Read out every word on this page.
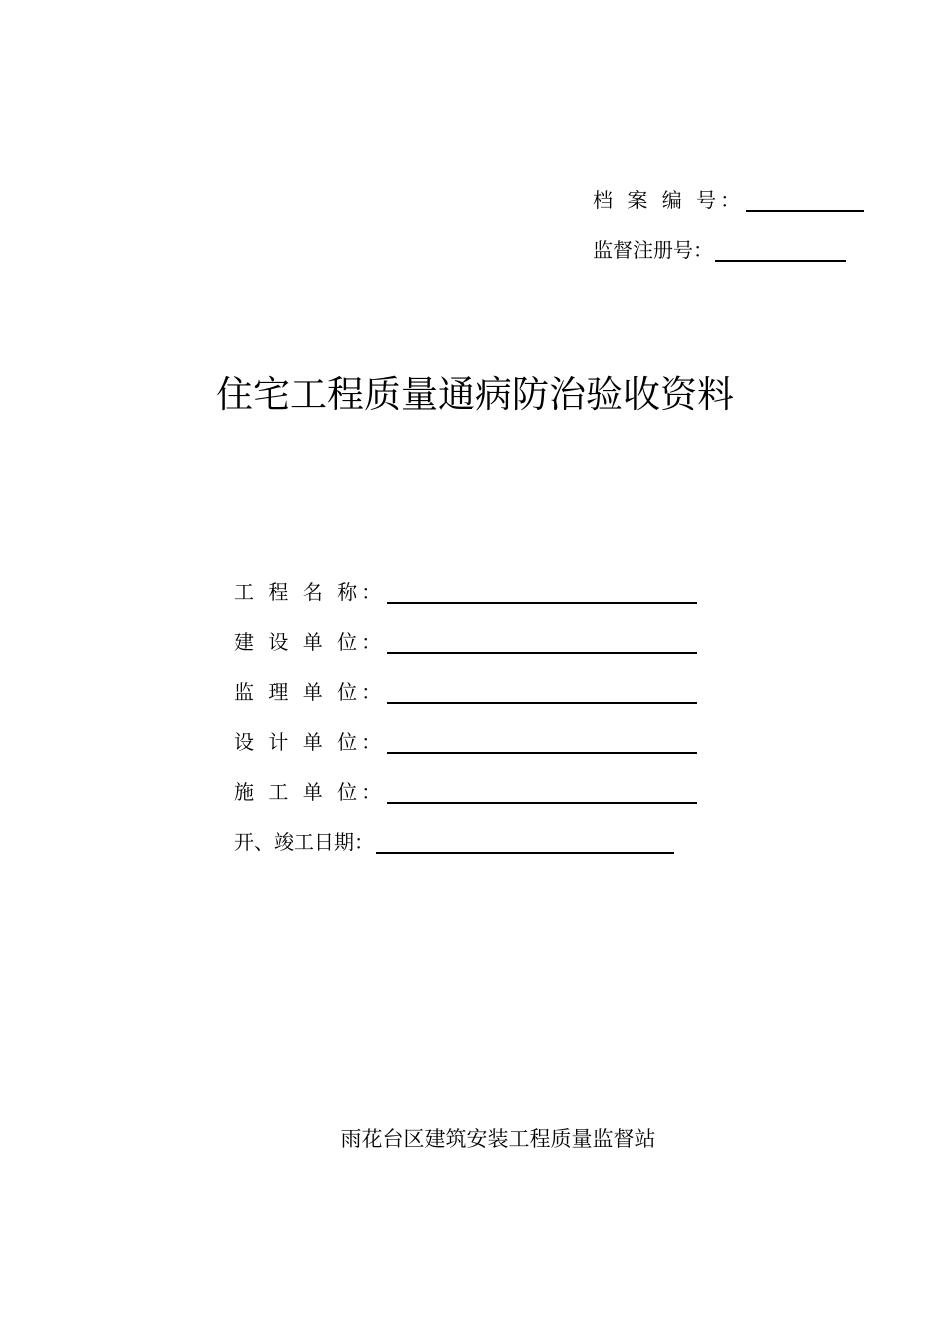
档 案 编 号：
监督注册号：
住宅工程质量通病防治验收资料
工 程 名 称：
建 设 单 位：
监 理 单 位：
设 计 单 位：
施 工 单 位：
开、竣工日期：
雨花台区建筑安装工程质量监督站
